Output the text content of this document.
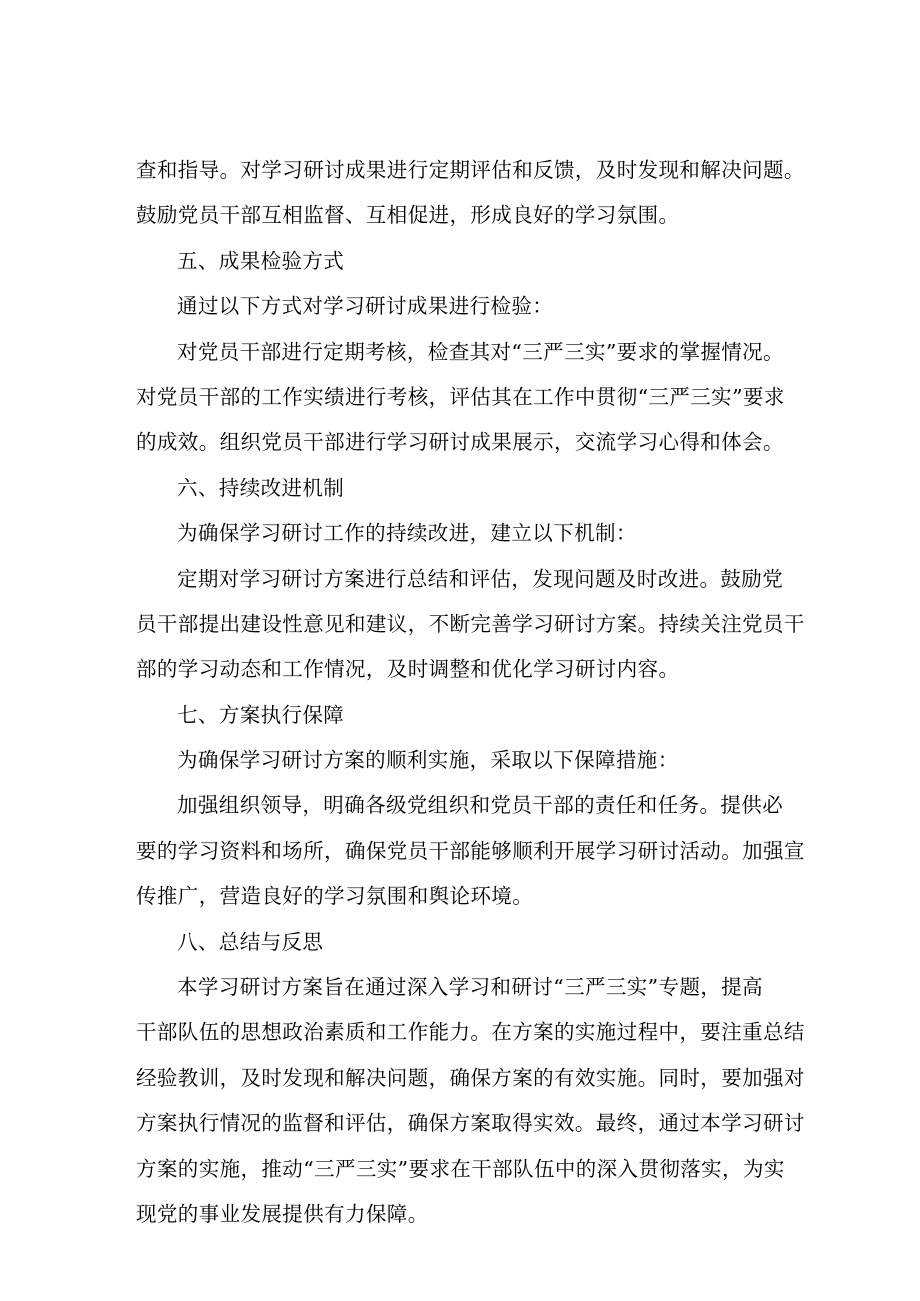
查和指导。对学习研讨成果进行定期评估和反馈，及时发现和解决问题。
鼓励党员干部互相监督、互相促进，形成良好的学习氛围。
五、成果检验方式
通过以下方式对学习研讨成果进行检验：
对党员干部进行定期考核，检查其对“三严三实”要求的掌握情况。
对党员干部的工作实绩进行考核，评估其在工作中贯彻“三严三实”要求
的成效。组织党员干部进行学习研讨成果展示，交流学习心得和体会。
六、持续改进机制
为确保学习研讨工作的持续改进，建立以下机制：
定期对学习研讨方案进行总结和评估，发现问题及时改进。鼓励党
员干部提出建设性意见和建议，不断完善学习研讨方案。持续关注党员干
部的学习动态和工作情况，及时调整和优化学习研讨内容。
七、方案执行保障
为确保学习研讨方案的顺利实施，采取以下保障措施：
加强组织领导，明确各级党组织和党员干部的责任和任务。提供必
要的学习资料和场所，确保党员干部能够顺利开展学习研讨活动。加强宣
传推广，营造良好的学习氛围和舆论环境。
八、总结与反思
本学习研讨方案旨在通过深入学习和研讨“三严三实”专题，提高
干部队伍的思想政治素质和工作能力。在方案的实施过程中，要注重总结
经验教训，及时发现和解决问题，确保方案的有效实施。同时，要加强对
方案执行情况的监督和评估，确保方案取得实效。最终，通过本学习研讨
方案的实施，推动“三严三实”要求在干部队伍中的深入贯彻落实，为实
现党的事业发展提供有力保障。
